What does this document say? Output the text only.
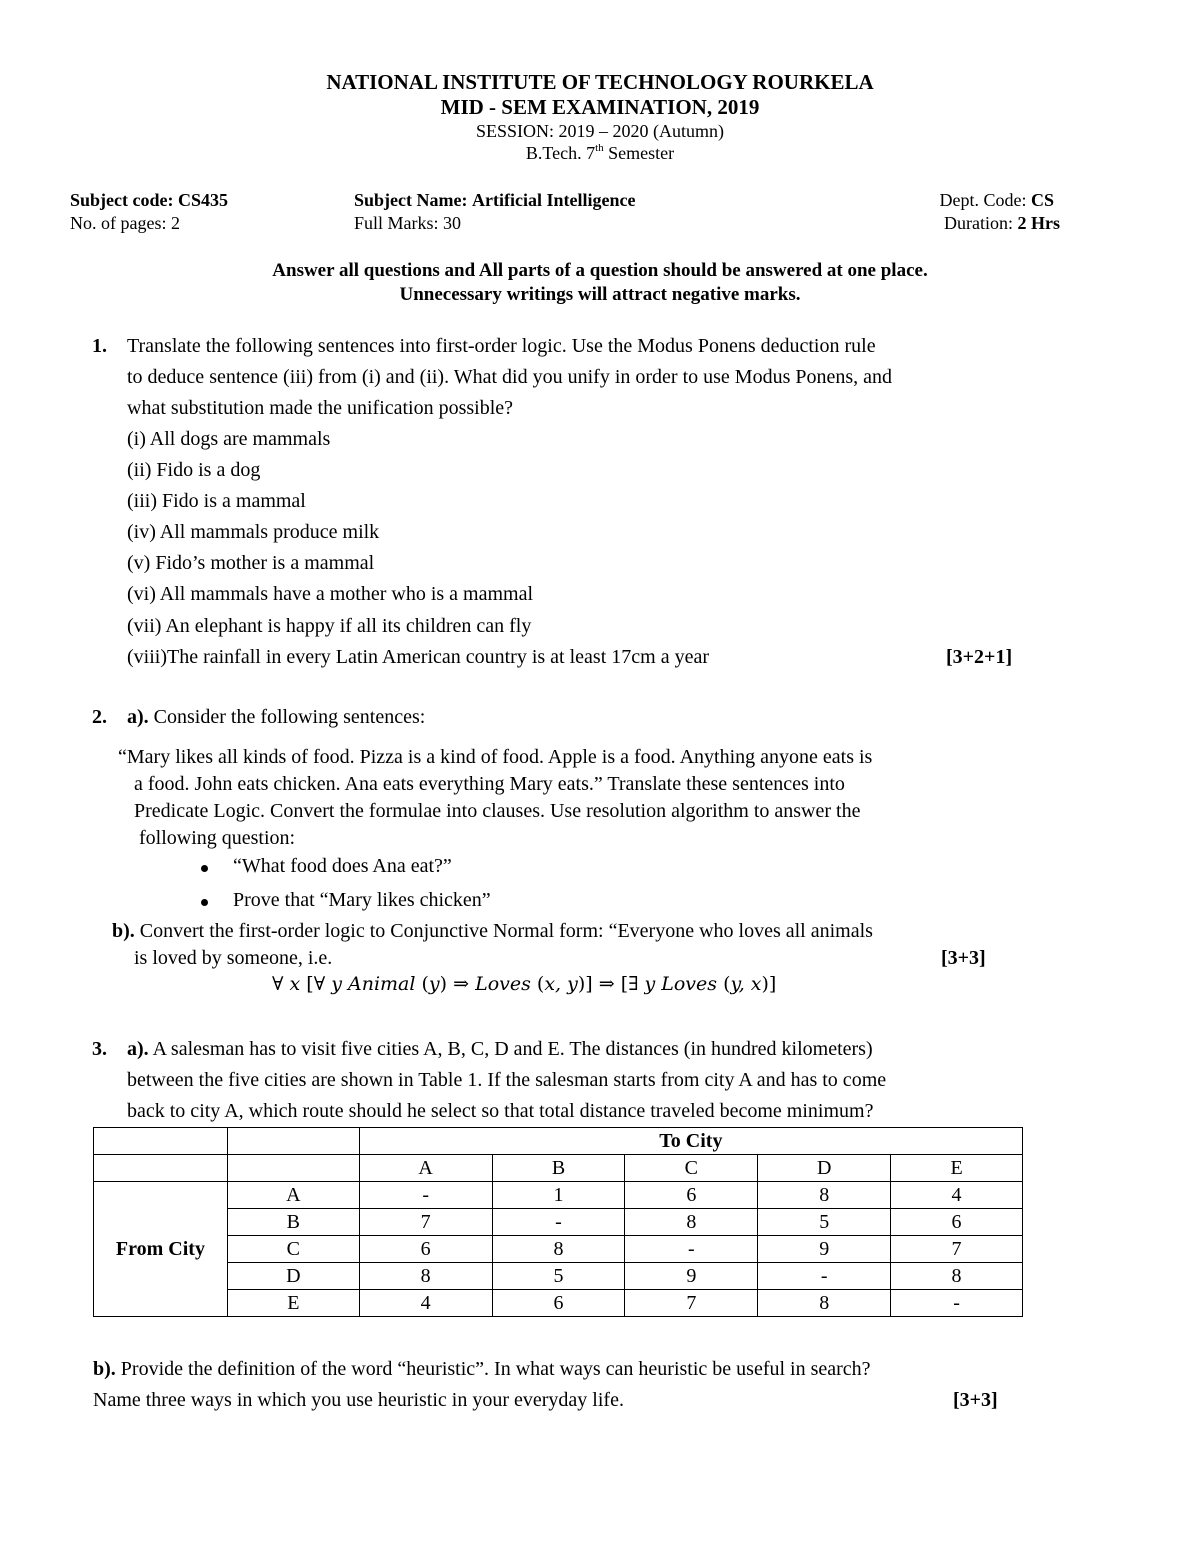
NATIONAL INSTITUTE OF TECHNOLOGY ROURKELA
MID - SEM EXAMINATION, 2019
SESSION: 2019 – 2020 (Autumn)
B.Tech. 7th Semester
Subject code: CS435	Subject Name: Artificial Intelligence	Dept. Code: CS
No. of pages: 2	Full Marks: 30	Duration: 2 Hrs
Answer all questions and All parts of a question should be answered at one place.
Unnecessary writings will attract negative marks.
1. Translate the following sentences into first-order logic. Use the Modus Ponens deduction rule
to deduce sentence (iii) from (i) and (ii). What did you unify in order to use Modus Ponens, and
what substitution made the unification possible?
(i) All dogs are mammals
(ii) Fido is a dog
(iii) Fido is a mammal
(iv) All mammals produce milk
(v) Fido’s mother is a mammal
(vi) All mammals have a mother who is a mammal
(vii) An elephant is happy if all its children can fly
(viii)The rainfall in every Latin American country is at least 17cm a year	[3+2+1]
2. a). Consider the following sentences:
“Mary likes all kinds of food. Pizza is a kind of food. Apple is a food. Anything anyone eats is
a food. John eats chicken. Ana eats everything Mary eats.” Translate these sentences into
Predicate Logic. Convert the formulae into clauses. Use resolution algorithm to answer the
following question:
“What food does Ana eat?”
Prove that “Mary likes chicken”
b). Convert the first-order logic to Conjunctive Normal form: “Everyone who loves all animals
is loved by someone, i.e.	[3+3]
∀ x [∀ y Animal (y) ⇒ Loves (x, y)] ⇒ [∃ y Loves (y, x)]
3. a). A salesman has to visit five cities A, B, C, D and E. The distances (in hundred kilometers)
between the five cities are shown in Table 1. If the salesman starts from city A and has to come
back to city A, which route should he select so that total distance traveled become minimum?
		To City				
		A	B	C	D	E
From City	A	-	1	6	8	4
	B	7	-	8	5	6
	C	6	8	-	9	7
	D	8	5	9	-	8
	E	4	6	7	8	-
b). Provide the definition of the word “heuristic”. In what ways can heuristic be useful in search?
Name three ways in which you use heuristic in your everyday life.	[3+3]
